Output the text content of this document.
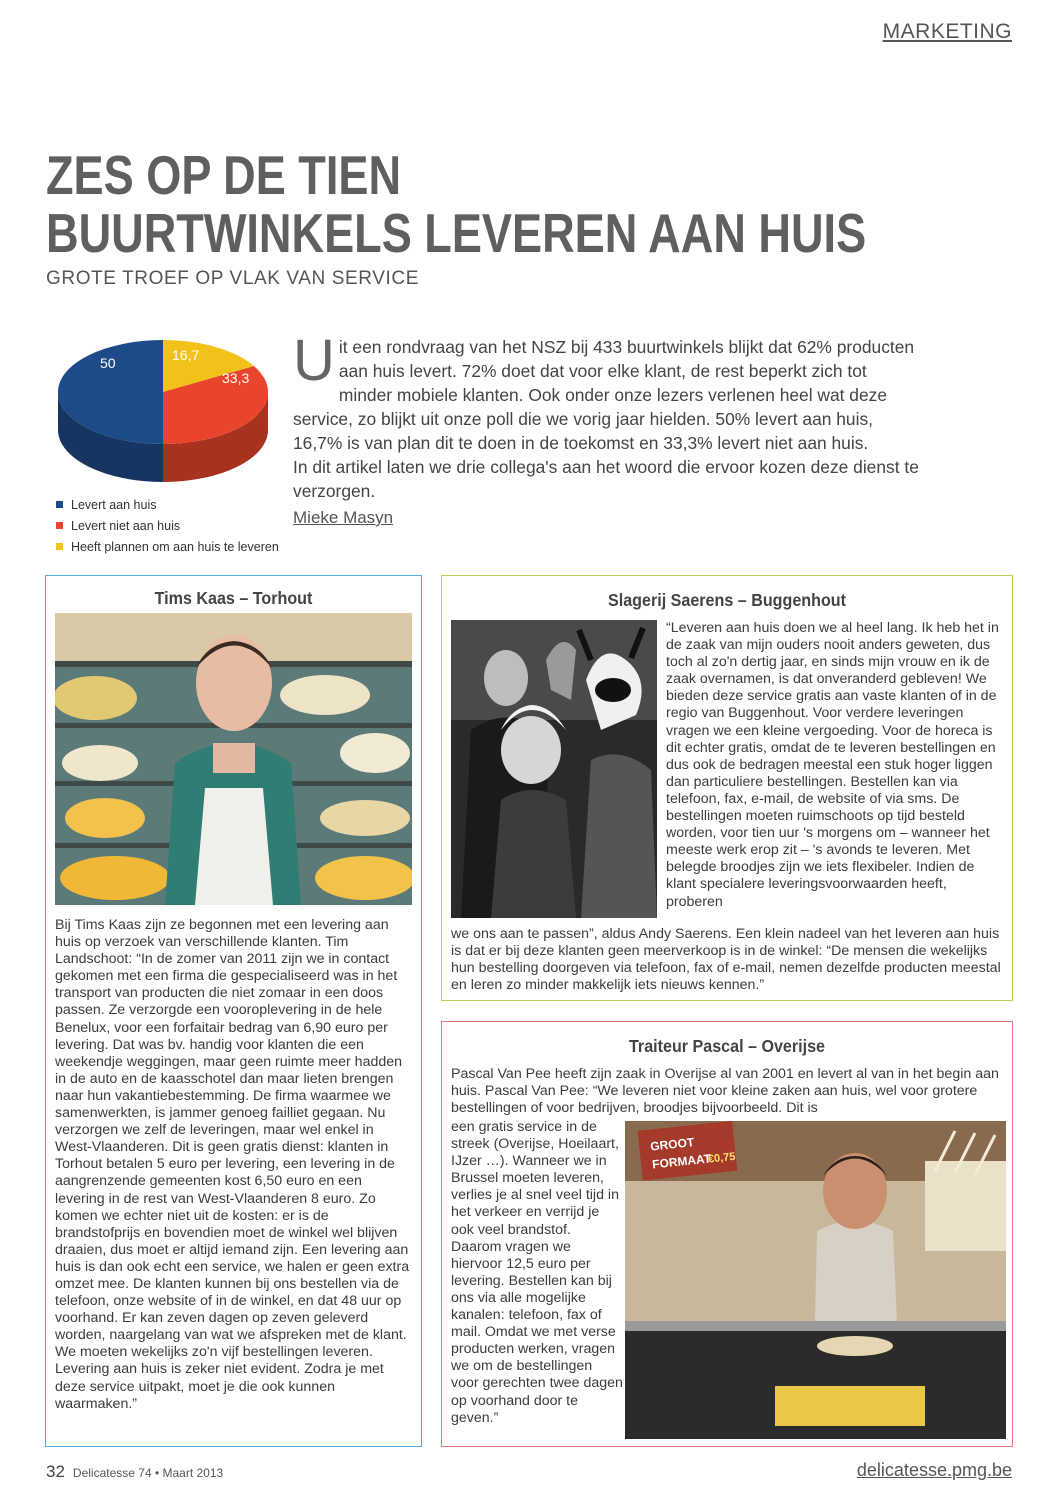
MARKETING
ZES OP DE TIEN
BUURTWINKELS LEVEREN AAN HUIS
GROTE TROEF OP VLAK VAN SERVICE
50	16,7
33,3
Levert aan huis
Levert niet aan huis
Heeft plannen om aan huis te leveren
Uit een rondvraag van het NSZ bij 433 buurtwinkels blijkt dat 62% producten aan huis levert. 72% doet dat voor elke klant, de rest beperkt zich tot minder mobiele klanten. Ook onder onze lezers verlenen heel wat deze service, zo blijkt uit onze poll die we vorig jaar hielden. 50% levert aan huis, 16,7% is van plan dit te doen in de toekomst en 33,3% levert niet aan huis.
In dit artikel laten we drie collega's aan het woord die ervoor kozen deze dienst te verzorgen.
Mieke Masyn
Tims Kaas – Torhout
Bij Tims Kaas zijn ze begonnen met een levering aan huis op verzoek van verschillende klanten. Tim Landschoot: “In de zomer van 2011 zijn we in contact gekomen met een firma die gespecialiseerd was in het transport van producten die niet zomaar in een doos passen. Ze verzorgde een vooroplevering in de hele Benelux, voor een forfaitair bedrag van 6,90 euro per levering. Dat was bv. handig voor klanten die een weekendje weggingen, maar geen ruimte meer hadden in de auto en de kaasschotel dan maar lieten brengen naar hun vakantiebestemming. De firma waarmee we samenwerkten, is jammer genoeg failliet gegaan. Nu verzorgen we zelf de leveringen, maar wel enkel in West-Vlaanderen. Dit is geen gratis dienst: klanten in Torhout betalen 5 euro per levering, een levering in de aangrenzende gemeenten kost 6,50 euro en een levering in de rest van West-Vlaanderen 8 euro. Zo komen we echter niet uit de kosten: er is de brandstofprijs en bovendien moet de winkel wel blijven draaien, dus moet er altijd iemand zijn. Een levering aan huis is dan ook echt een service, we halen er geen extra omzet mee. De klanten kunnen bij ons bestellen via de telefoon, onze website of in de winkel, en dat 48 uur op voorhand. Er kan zeven dagen op zeven geleverd worden, naargelang van wat we afspreken met de klant. We moeten wekelijks zo'n vijf bestellingen leveren. Levering aan huis is zeker niet evident. Zodra je met deze service uitpakt, moet je die ook kunnen waarmaken.”
Slagerij Saerens – Buggenhout
“Leveren aan huis doen we al heel lang. Ik heb het in de zaak van mijn ouders nooit anders geweten, dus toch al zo'n dertig jaar, en sinds mijn vrouw en ik de zaak overnamen, is dat onveranderd gebleven! We bieden deze service gratis aan vaste klanten of in de regio van Buggenhout. Voor verdere leveringen vragen we een kleine vergoeding. Voor de horeca is dit echter gratis, omdat de te leveren bestellingen en dus ook de bedragen meestal een stuk hoger liggen dan particuliere bestellingen. Bestellen kan via telefoon, fax, e-mail, de website of via sms. De bestellingen moeten ruimschoots op tijd besteld worden, voor tien uur 's morgens om – wanneer het meeste werk erop zit – 's avonds te leveren. Met belegde broodjes zijn we iets flexibeler. Indien de klant specialere leveringsvoorwaarden heeft, proberen
we ons aan te passen”, aldus Andy Saerens. Een klein nadeel van het leveren aan huis is dat er bij deze klanten geen meerverkoop is in de winkel: “De mensen die wekelijks hun bestelling doorgeven via telefoon, fax of e-mail, nemen dezelfde producten meestal en leren zo minder makkelijk iets nieuws kennen.”
Traiteur Pascal – Overijse
Pascal Van Pee heeft zijn zaak in Overijse al van 2001 en levert al van in het begin aan huis. Pascal Van Pee: “We leveren niet voor kleine zaken aan huis, wel voor grotere bestellingen of voor bedrijven, broodjes bijvoorbeeld. Dit is
een gratis service in de streek (Overijse, Hoeilaart, IJzer …). Wanneer we in Brussel moeten leveren, verlies je al snel veel tijd in het verkeer en verrijd je ook veel brandstof. Daarom vragen we hiervoor 12,5 euro per levering. Bestellen kan bij ons via alle mogelijke kanalen: telefoon, fax of mail. Omdat we met verse producten werken, vragen we om de bestellingen voor gerechten twee dagen op voorhand door te geven.”
GROOT
FORMAAT
€0,75
32 Delicatesse 74 • Maart 2013	delicatesse.pmg.be
